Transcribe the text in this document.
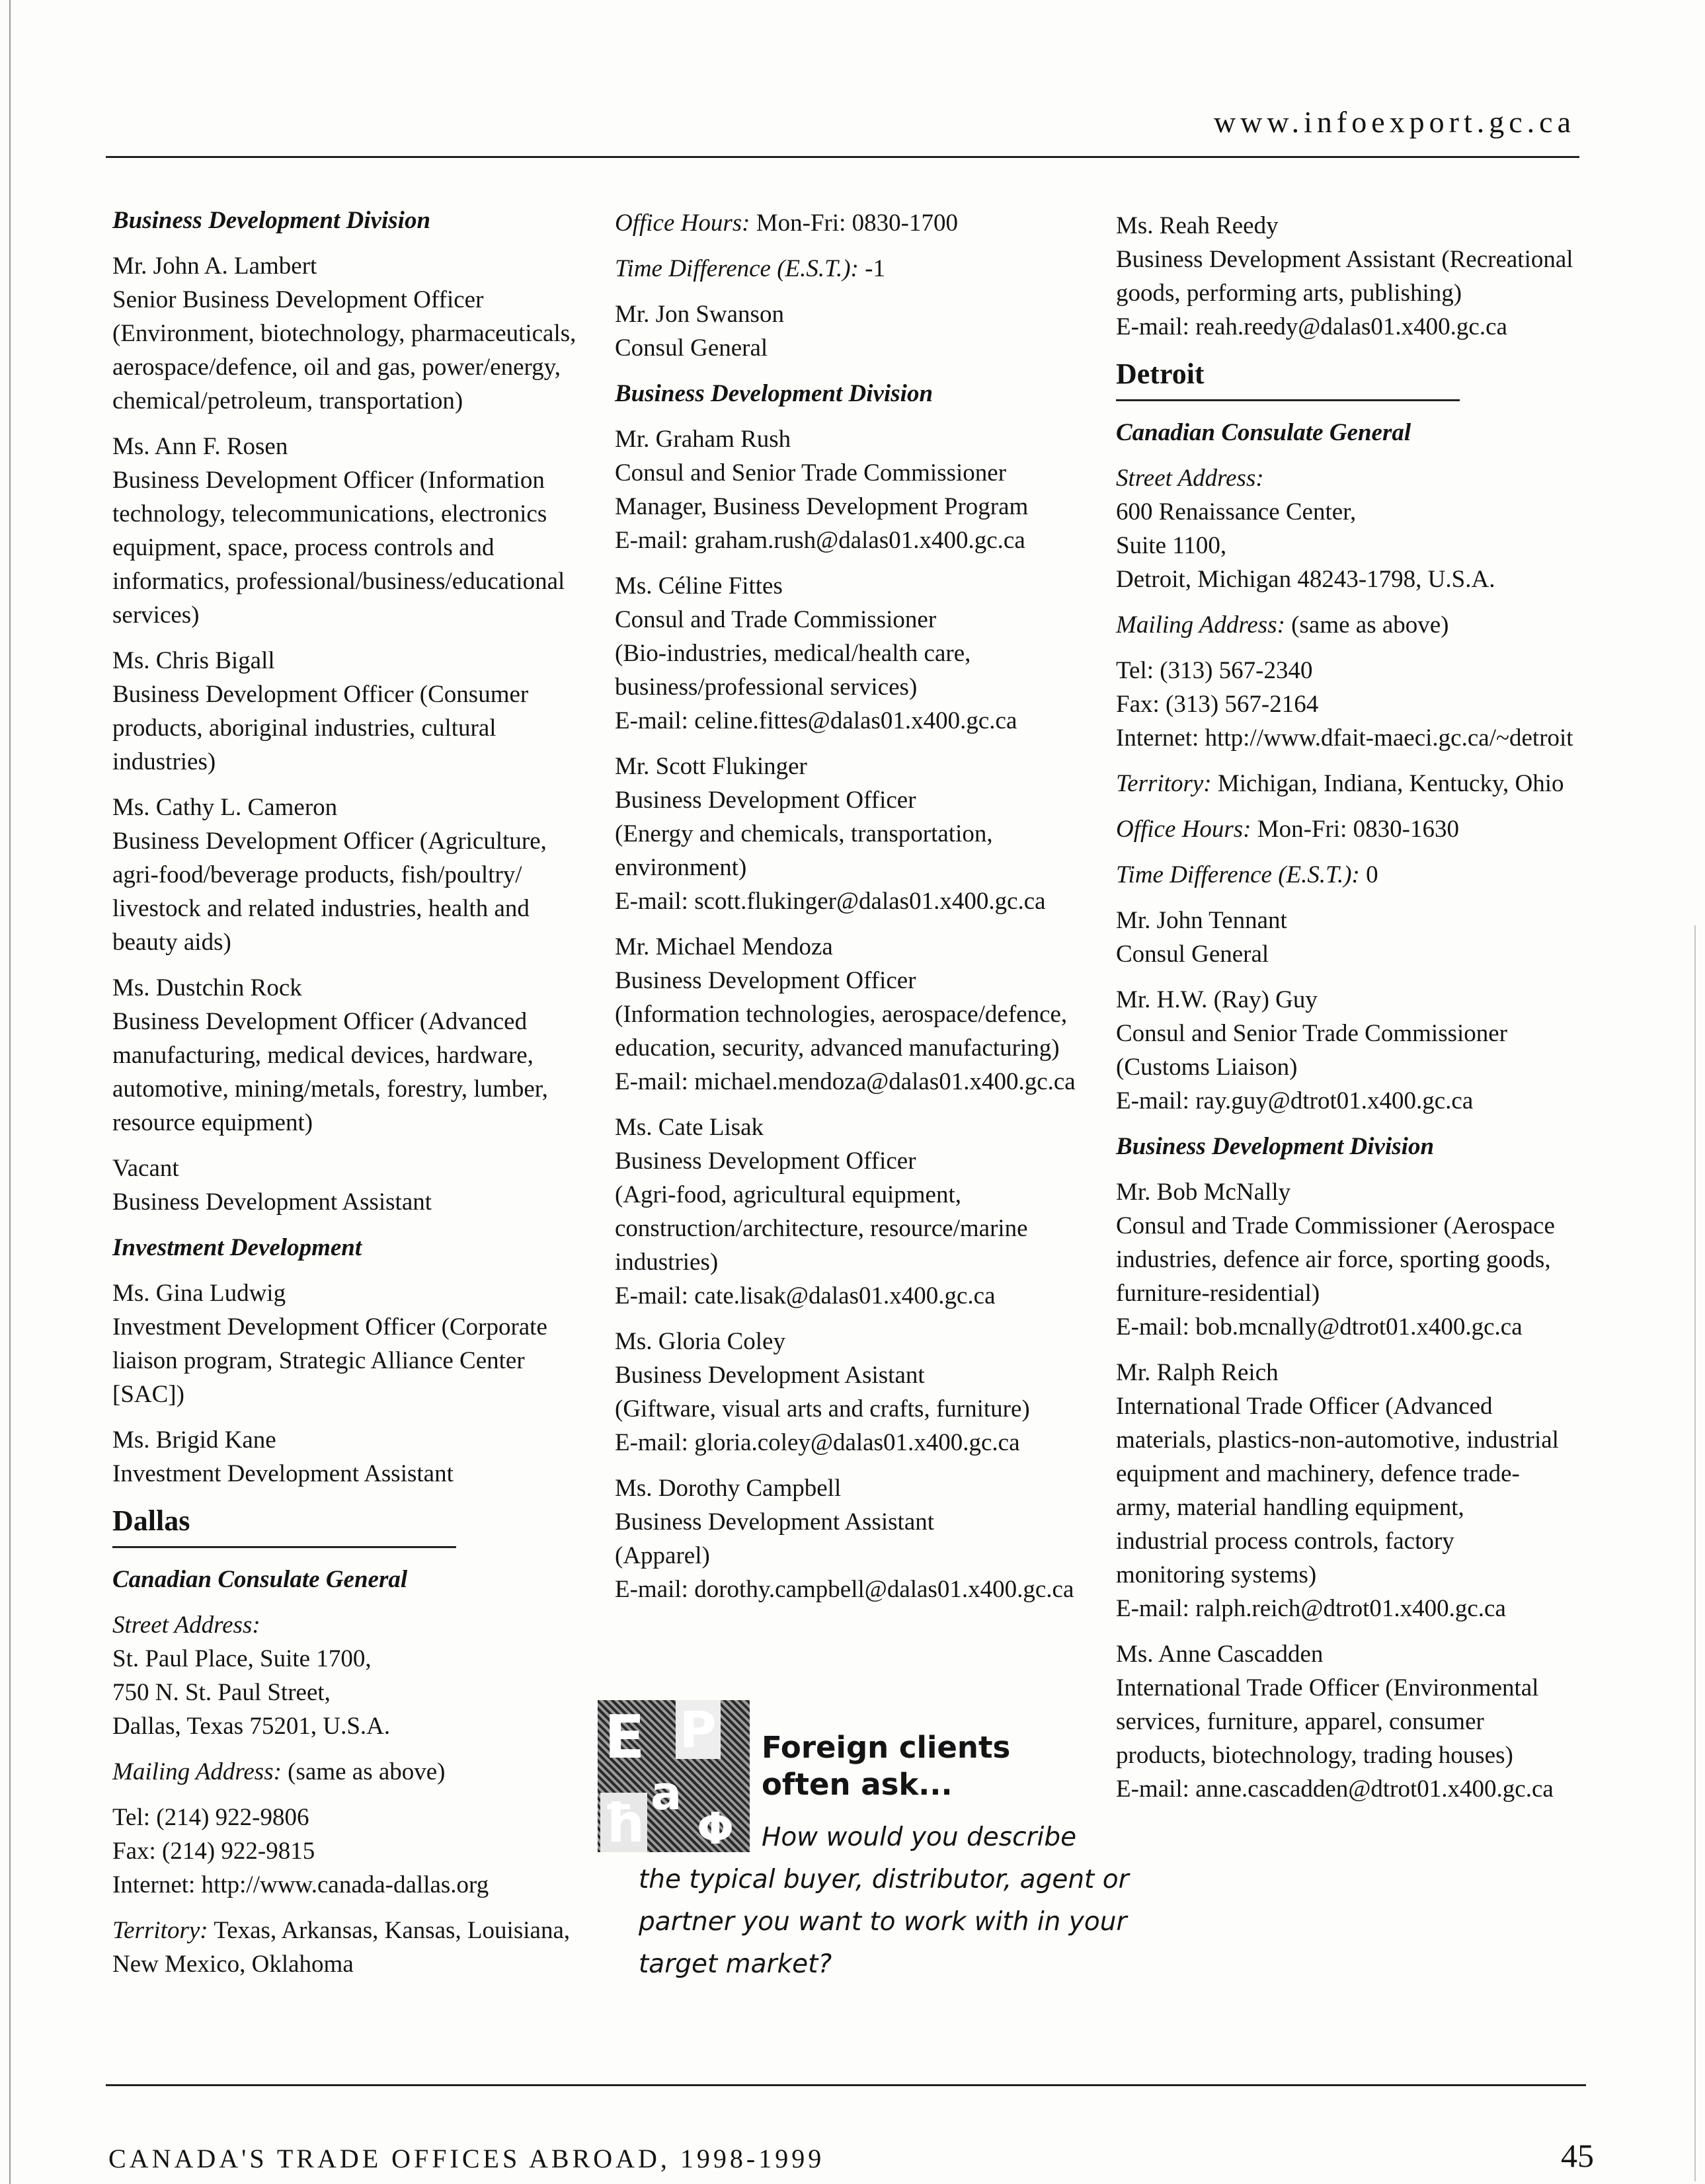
www.infoexport.gc.ca
Business Development Division
Mr. John A. Lambert
Senior Business Development Officer
(Environment, biotechnology, pharmaceuticals,
aerospace/defence, oil and gas, power/energy,
chemical/petroleum, transportation)
Ms. Ann F. Rosen
Business Development Officer (Information
technology, telecommunications, electronics
equipment, space, process controls and
informatics, professional/business/educational
services)
Ms. Chris Bigall
Business Development Officer (Consumer
products, aboriginal industries, cultural
industries)
Ms. Cathy L. Cameron
Business Development Officer (Agriculture,
agri-food/beverage products, fish/poultry/
livestock and related industries, health and
beauty aids)
Ms. Dustchin Rock
Business Development Officer (Advanced
manufacturing, medical devices, hardware,
automotive, mining/metals, forestry, lumber,
resource equipment)
Vacant
Business Development Assistant
Investment Development
Ms. Gina Ludwig
Investment Development Officer (Corporate
liaison program, Strategic Alliance Center
[SAC])
Ms. Brigid Kane
Investment Development Assistant
Dallas
Canadian Consulate General
Street Address:
St. Paul Place, Suite 1700,
750 N. St. Paul Street,
Dallas, Texas 75201, U.S.A.
Mailing Address: (same as above)
Tel: (214) 922-9806
Fax: (214) 922-9815
Internet: http://www.canada-dallas.org
Territory: Texas, Arkansas, Kansas, Louisiana,
New Mexico, Oklahoma
Office Hours: Mon-Fri: 0830-1700
Time Difference (E.S.T.): -1
Mr. Jon Swanson
Consul General
Business Development Division
Mr. Graham Rush
Consul and Senior Trade Commissioner
Manager, Business Development Program
E-mail: graham.rush@dalas01.x400.gc.ca
Ms. Céline Fittes
Consul and Trade Commissioner
(Bio-industries, medical/health care,
business/professional services)
E-mail: celine.fittes@dalas01.x400.gc.ca
Mr. Scott Flukinger
Business Development Officer
(Energy and chemicals, transportation,
environment)
E-mail: scott.flukinger@dalas01.x400.gc.ca
Mr. Michael Mendoza
Business Development Officer
(Information technologies, aerospace/defence,
education, security, advanced manufacturing)
E-mail: michael.mendoza@dalas01.x400.gc.ca
Ms. Cate Lisak
Business Development Officer
(Agri-food, agricultural equipment,
construction/architecture, resource/marine
industries)
E-mail: cate.lisak@dalas01.x400.gc.ca
Ms. Gloria Coley
Business Development Asistant
(Giftware, visual arts and crafts, furniture)
E-mail: gloria.coley@dalas01.x400.gc.ca
Ms. Dorothy Campbell
Business Development Assistant
(Apparel)
E-mail: dorothy.campbell@dalas01.x400.gc.ca
E P
a
ħ Φ
Foreign clients
often ask...
How would you describe
the typical buyer, distributor, agent or
partner you want to work with in your
target market?
Ms. Reah Reedy
Business Development Assistant (Recreational
goods, performing arts, publishing)
E-mail: reah.reedy@dalas01.x400.gc.ca
Detroit
Canadian Consulate General
Street Address:
600 Renaissance Center,
Suite 1100,
Detroit, Michigan 48243-1798, U.S.A.
Mailing Address: (same as above)
Tel: (313) 567-2340
Fax: (313) 567-2164
Internet: http://www.dfait-maeci.gc.ca/~detroit
Territory: Michigan, Indiana, Kentucky, Ohio
Office Hours: Mon-Fri: 0830-1630
Time Difference (E.S.T.): 0
Mr. John Tennant
Consul General
Mr. H.W. (Ray) Guy
Consul and Senior Trade Commissioner
(Customs Liaison)
E-mail: ray.guy@dtrot01.x400.gc.ca
Business Development Division
Mr. Bob McNally
Consul and Trade Commissioner (Aerospace
industries, defence air force, sporting goods,
furniture-residential)
E-mail: bob.mcnally@dtrot01.x400.gc.ca
Mr. Ralph Reich
International Trade Officer (Advanced
materials, plastics-non-automotive, industrial
equipment and machinery, defence trade-
army, material handling equipment,
industrial process controls, factory
monitoring systems)
E-mail: ralph.reich@dtrot01.x400.gc.ca
Ms. Anne Cascadden
International Trade Officer (Environmental
services, furniture, apparel, consumer
products, biotechnology, trading houses)
E-mail: anne.cascadden@dtrot01.x400.gc.ca
CANADA'S TRADE OFFICES ABROAD, 1998-1999	45
